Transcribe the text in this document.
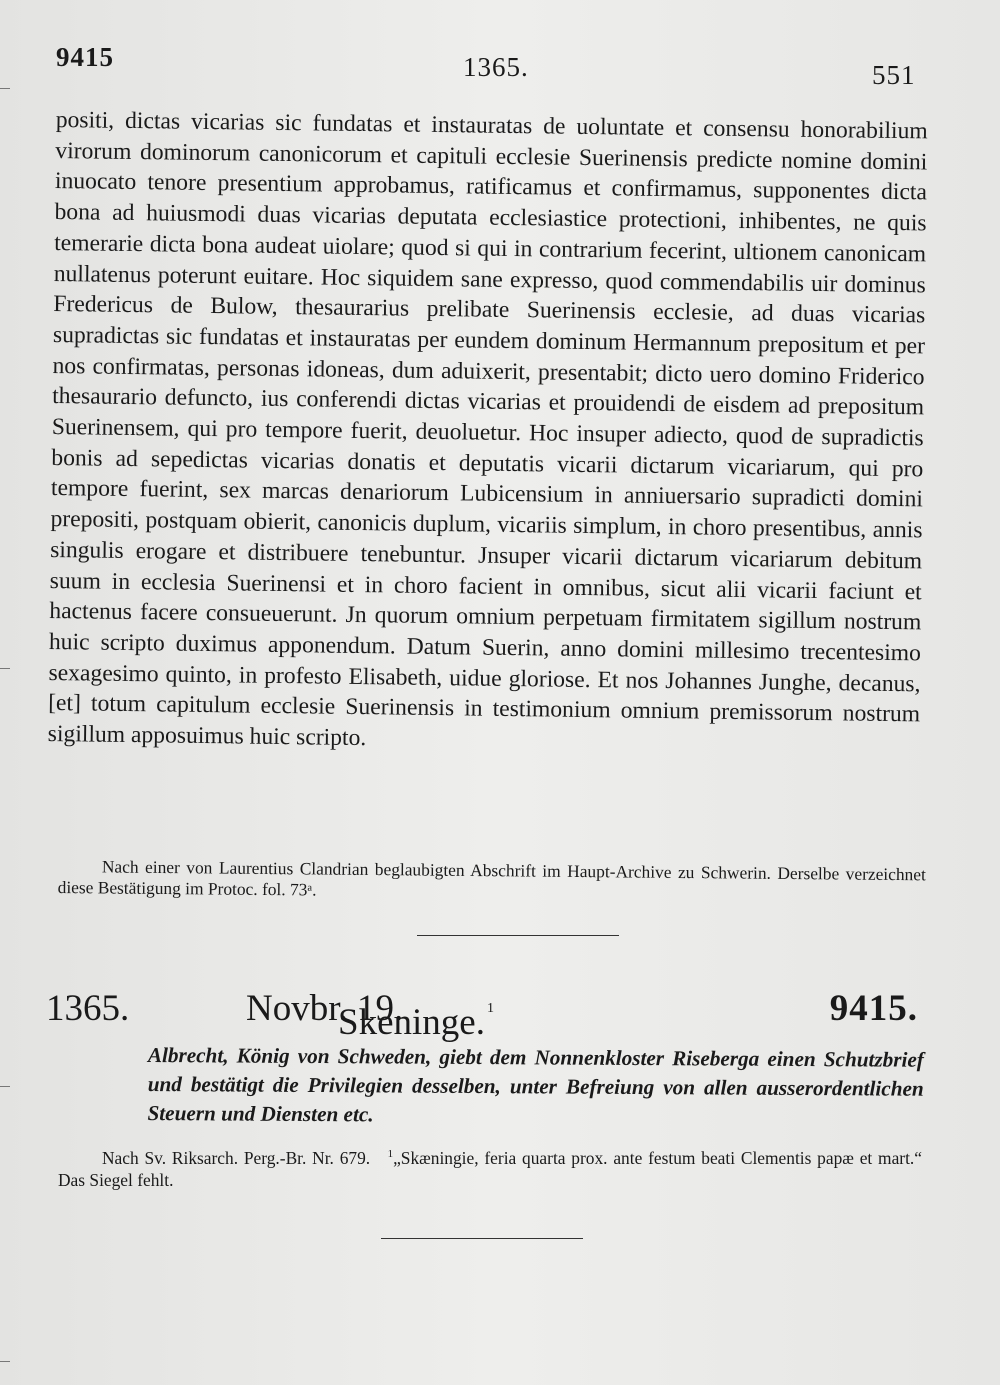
9415	1365.	551

positi, dictas vicarias sic fundatas et instauratas de uoluntate et consensu honorabilium virorum dominorum canonicorum et capituli ecclesie Suerinensis predicte nomine domini inuocato tenore presentium approbamus, ratificamus et confirmamus, supponentes dicta bona ad huiusmodi duas vicarias deputata ecclesiastice protectioni, inhibentes, ne quis temerarie dicta bona audeat uiolare; quod si qui in contrarium fecerint, ultionem canonicam nullatenus poterunt euitare. Hoc siquidem sane expresso, quod commendabilis uir dominus Fredericus de Bulow, thesaurarius prelibate Suerinensis ecclesie, ad duas vicarias supradictas sic fundatas et instauratas per eundem dominum Hermannum prepositum et per nos confirmatas, personas idoneas, dum aduixerit, presentabit; dicto uero domino Friderico thesaurario defuncto, ius conferendi dictas vicarias et prouidendi de eisdem ad prepositum Suerinensem, qui pro tempore fuerit, deuoluetur. Hoc insuper adiecto, quod de supradictis bonis ad sepedictas vicarias donatis et deputatis vicarii dictarum vicariarum, qui pro tempore fuerint, sex marcas denariorum Lubicensium in anniuersario supradicti domini prepositi, postquam obierit, canonicis duplum, vicariis simplum, in choro presentibus, annis singulis erogare et distribuere tenebuntur. Jnsuper vicarii dictarum vicariarum debitum suum in ecclesia Suerinensi et in choro facient in omnibus, sicut alii vicarii faciunt et hactenus facere consueuerunt. Jn quorum omnium perpetuam firmitatem sigillum nostrum huic scripto duximus apponendum. Datum Suerin, anno domini millesimo trecentesimo sexagesimo quinto, in profesto Elisabeth, uidue gloriose. Et nos Johannes Junghe, decanus, [et] totum capitulum ecclesie Suerinensis in testimonium omnium premissorum nostrum sigillum apposuimus huic scripto.

Nach einer von Laurentius Clandrian beglaubigten Abschrift im Haupt-Archive zu Schwerin. Derselbe verzeichnet diese Bestätigung im Protoc. fol. 73ᵃ.
1365.	Novbr. 19.
Skeninge. $^1$	9415.
Albrecht, König von Schweden, giebt dem Nonnenkloster Riseberga einen Schutzbrief und bestätigt die Privilegien desselben, unter Befreiung von allen ausserordentlichen Steuern und Diensten etc.
Nach Sv. Riksarch. Perg.-Br. Nr. 679. $^1$„Skæningie, feria quarta prox. ante festum beati Clementis papæ et mart.“ Das Siegel fehlt.
